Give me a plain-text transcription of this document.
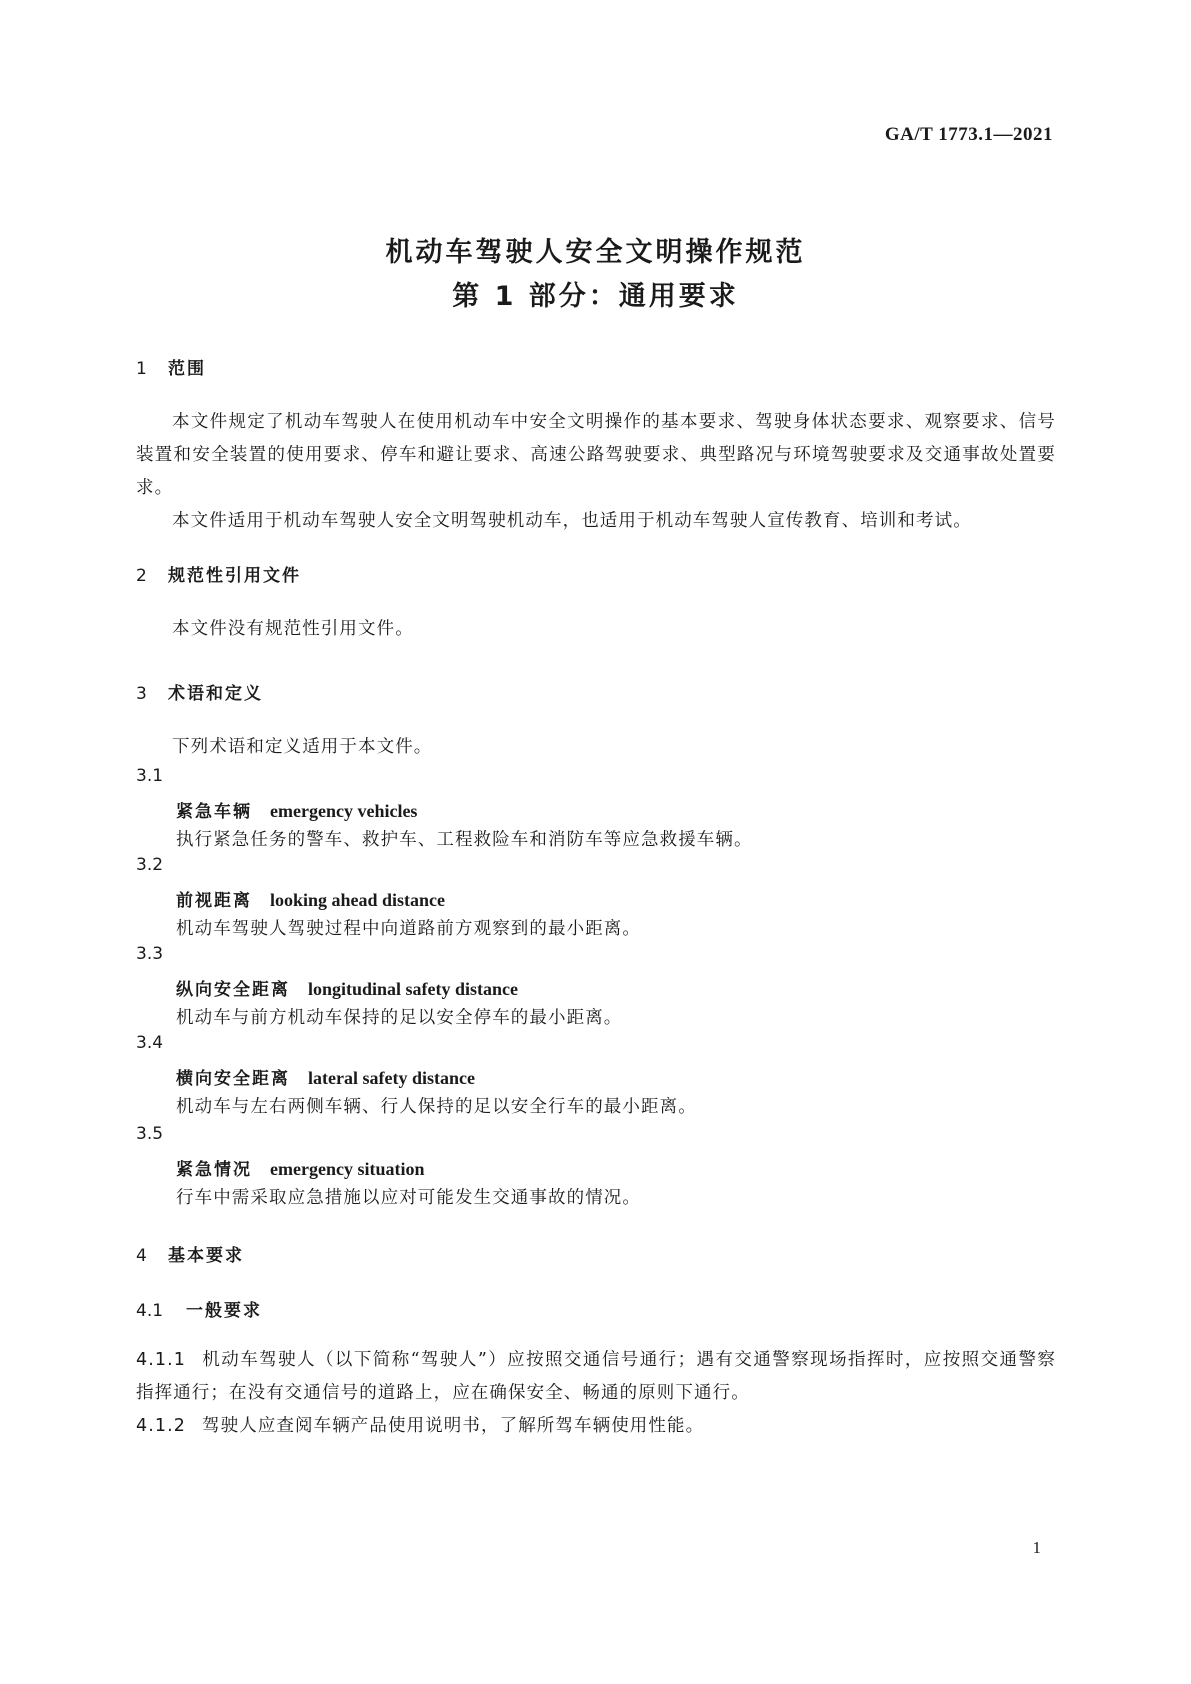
GA/T 1773.1—2021
机动车驾驶人安全文明操作规范
第 1 部分：通用要求
1 范围
本文件规定了机动车驾驶人在使用机动车中安全文明操作的基本要求、驾驶身体状态要求、观察要求、信号装置和安全装置的使用要求、停车和避让要求、高速公路驾驶要求、典型路况与环境驾驶要求及交通事故处置要求。
本文件适用于机动车驾驶人安全文明驾驶机动车，也适用于机动车驾驶人宣传教育、培训和考试。
2 规范性引用文件
本文件没有规范性引用文件。
3 术语和定义
下列术语和定义适用于本文件。
3.1
紧急车辆 emergency vehicles
执行紧急任务的警车、救护车、工程救险车和消防车等应急救援车辆。
3.2
前视距离 looking ahead distance
机动车驾驶人驾驶过程中向道路前方观察到的最小距离。
3.3
纵向安全距离 longitudinal safety distance
机动车与前方机动车保持的足以安全停车的最小距离。
3.4
横向安全距离 lateral safety distance
机动车与左右两侧车辆、行人保持的足以安全行车的最小距离。
3.5
紧急情况 emergency situation
行车中需采取应急措施以应对可能发生交通事故的情况。
4 基本要求
4.1 一般要求
4.1.1 机动车驾驶人（以下简称“驾驶人”）应按照交通信号通行；遇有交通警察现场指挥时，应按照交通警察指挥通行；在没有交通信号的道路上，应在确保安全、畅通的原则下通行。
4.1.2 驾驶人应查阅车辆产品使用说明书，了解所驾车辆使用性能。
1
